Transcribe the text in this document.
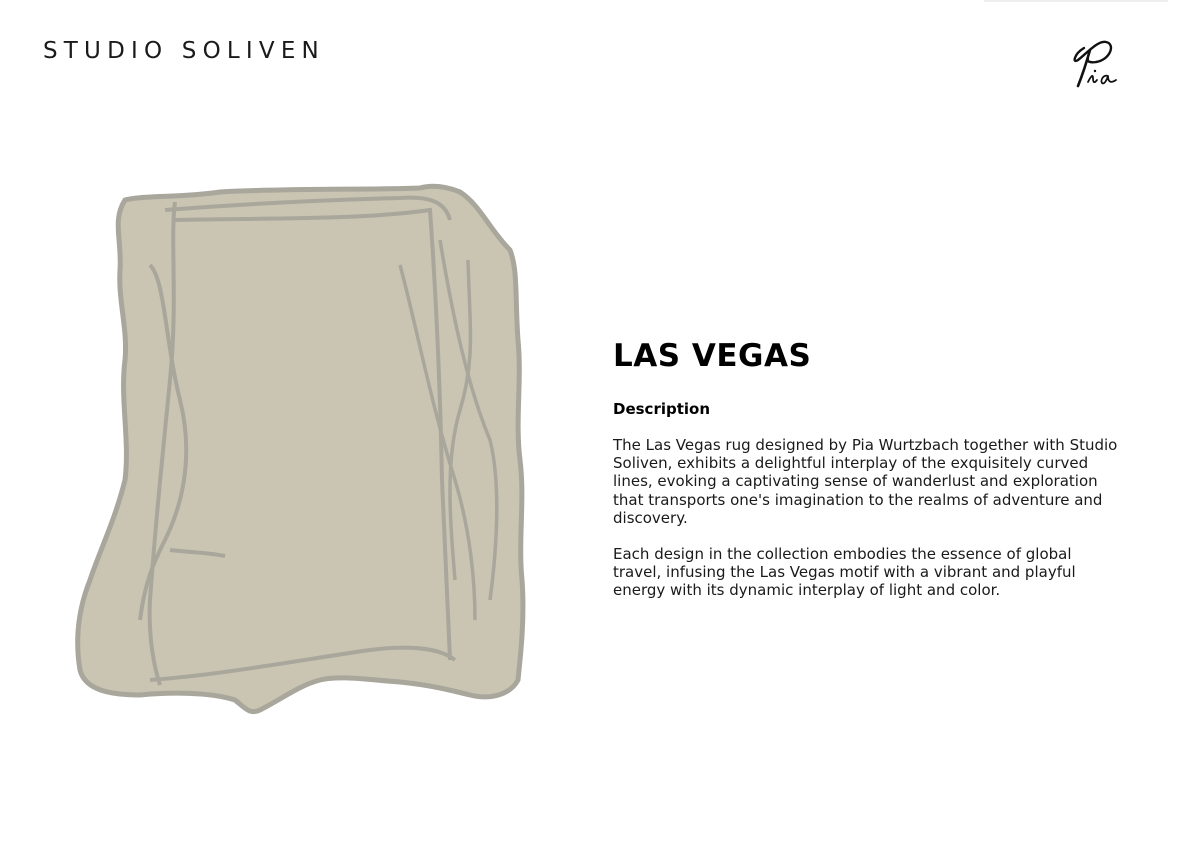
STUDIO SOLIVEN
LAS VEGAS
Description

The Las Vegas rug designed by Pia Wurtzbach together with Studio Soliven, exhibits a delightful interplay of the exquisitely curved lines, evoking a captivating sense of wanderlust and exploration that transports one's imagination to the realms of adventure and discovery.

Each design in the collection embodies the essence of global travel, infusing the Las Vegas motif with a vibrant and playful energy with its dynamic interplay of light and color.
